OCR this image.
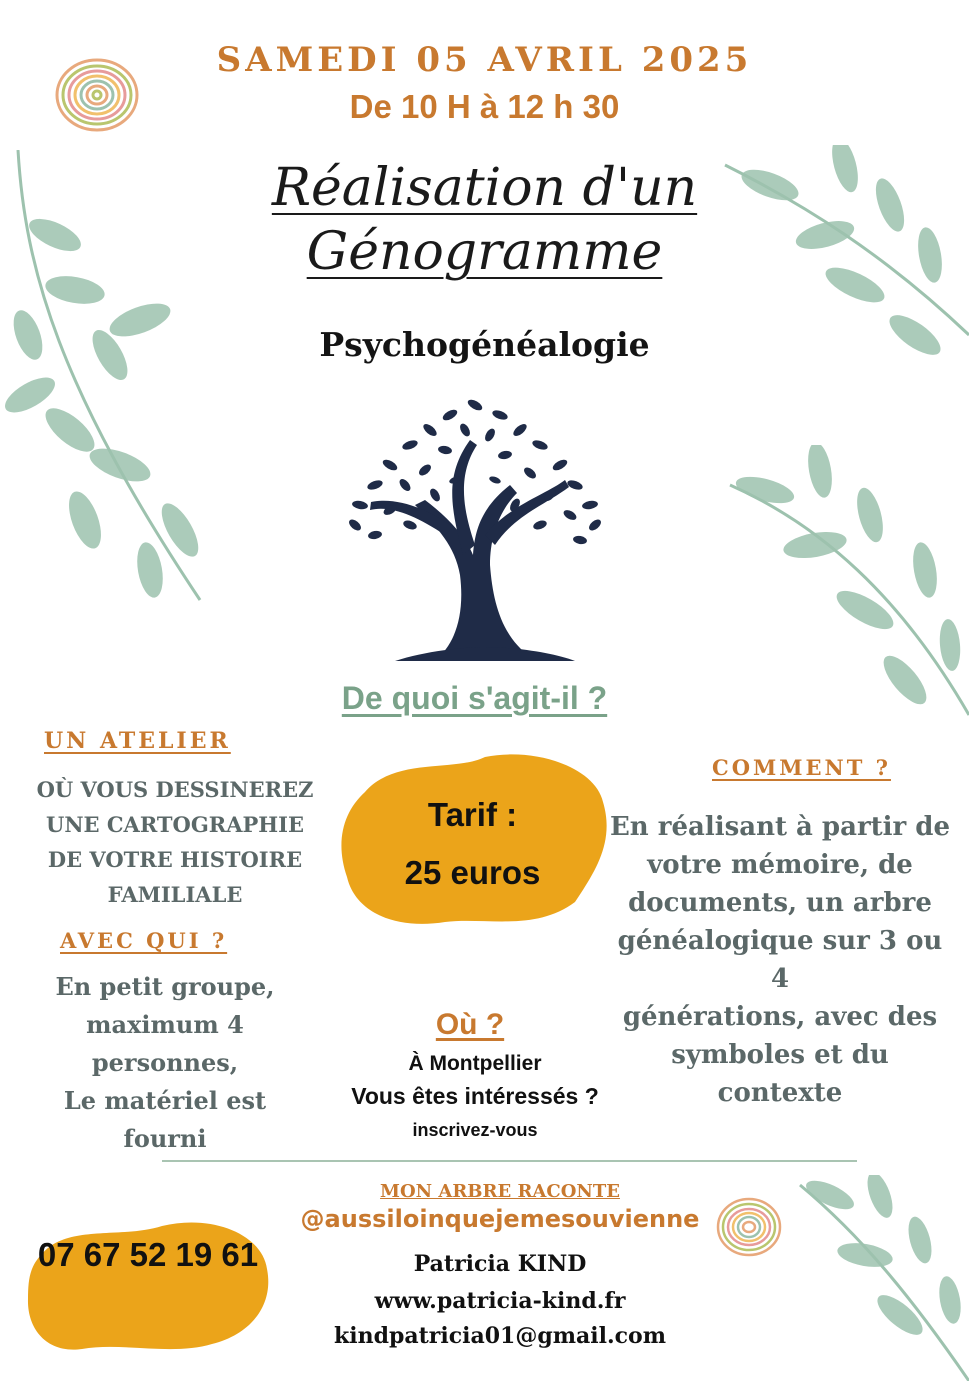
SAMEDI 05 AVRIL 2025
De 10 H à 12 h 30
Réalisation d'un
Génogramme
Psychogénéalogie
De quoi s'agit-il ?
UN ATELIER
OÙ VOUS DESSINEREZ
UNE CARTOGRAPHIE
DE VOTRE HISTOIRE
FAMILIALE
AVEC QUI ?
En petit groupe,
maximum 4
personnes,
Le matériel est
fourni
Tarif :
25 euros
COMMENT ?
En réalisant à partir de
votre mémoire, de
documents, un arbre
généalogique sur 3 ou 4
générations, avec des
symboles et du
contexte
Où ?
À Montpellier
Vous êtes intéressés ?
inscrivez-vous
MON ARBRE RACONTE
@aussiloinquejemesouvienne
07 67 52 19 61	Patricia KIND
www.patricia-kind.fr
kindpatricia01@gmail.com
